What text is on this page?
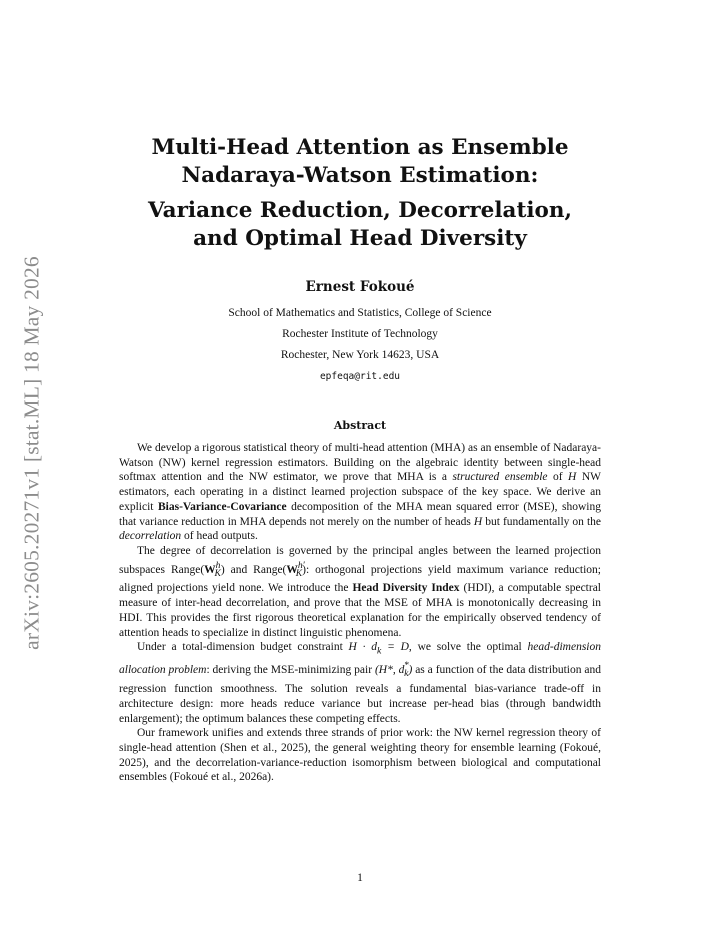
arXiv:2605.20271v1 [stat.ML] 18 May 2026
Multi-Head Attention as Ensemble
Nadaraya-Watson Estimation:
Variance Reduction, Decorrelation,
and Optimal Head Diversity
Ernest Fokoué
School of Mathematics and Statistics, College of Science
Rochester Institute of Technology
Rochester, New York 14623, USA
epfeqa@rit.edu
Abstract

We develop a rigorous statistical theory of multi-head attention (MHA) as an ensemble of Nadaraya-Watson (NW) kernel regression estimators. Building on the algebraic identity between single-head softmax attention and the NW estimator, we prove that MHA is a structured ensemble of H NW estimators, each operating in a distinct learned projection subspace of the key space. We derive an explicit Bias-Variance-Covariance decomposition of the MHA mean squared error (MSE), showing that variance reduction in MHA depends not merely on the number of heads H but fundamentally on the decorrelation of head outputs.

The degree of decorrelation is governed by the principal angles between the learned projection subspaces $Range(W^h_K)$ and $Range(W^{h'}_K)$: orthogonal projections yield maximum variance reduction; aligned projections yield none. We introduce the Head Diversity Index (HDI), a computable spectral measure of inter-head decorrelation, and prove that the MSE of MHA is monotonically decreasing in HDI. This provides the first rigorous theoretical explanation for the empirically observed tendency of attention heads to specialize in distinct linguistic phenomena.

Under a total-dimension budget constraint $H \cdot d_k = D$, we solve the optimal head-dimension allocation problem: deriving the MSE-minimizing pair (H*, $d^*_k$) as a function of the data distribution and regression function smoothness. The solution reveals a fundamental bias-variance trade-off in architecture design: more heads reduce variance but increase per-head bias (through bandwidth enlargement); the optimum balances these competing effects.

Our framework unifies and extends three strands of prior work: the NW kernel regression theory of single-head attention (Shen et al., 2025), the general weighting theory for ensemble learning (Fokoué, 2025), and the decorrelation-variance-reduction isomorphism between biological and computational ensembles (Fokoué et al., 2026a).

1
